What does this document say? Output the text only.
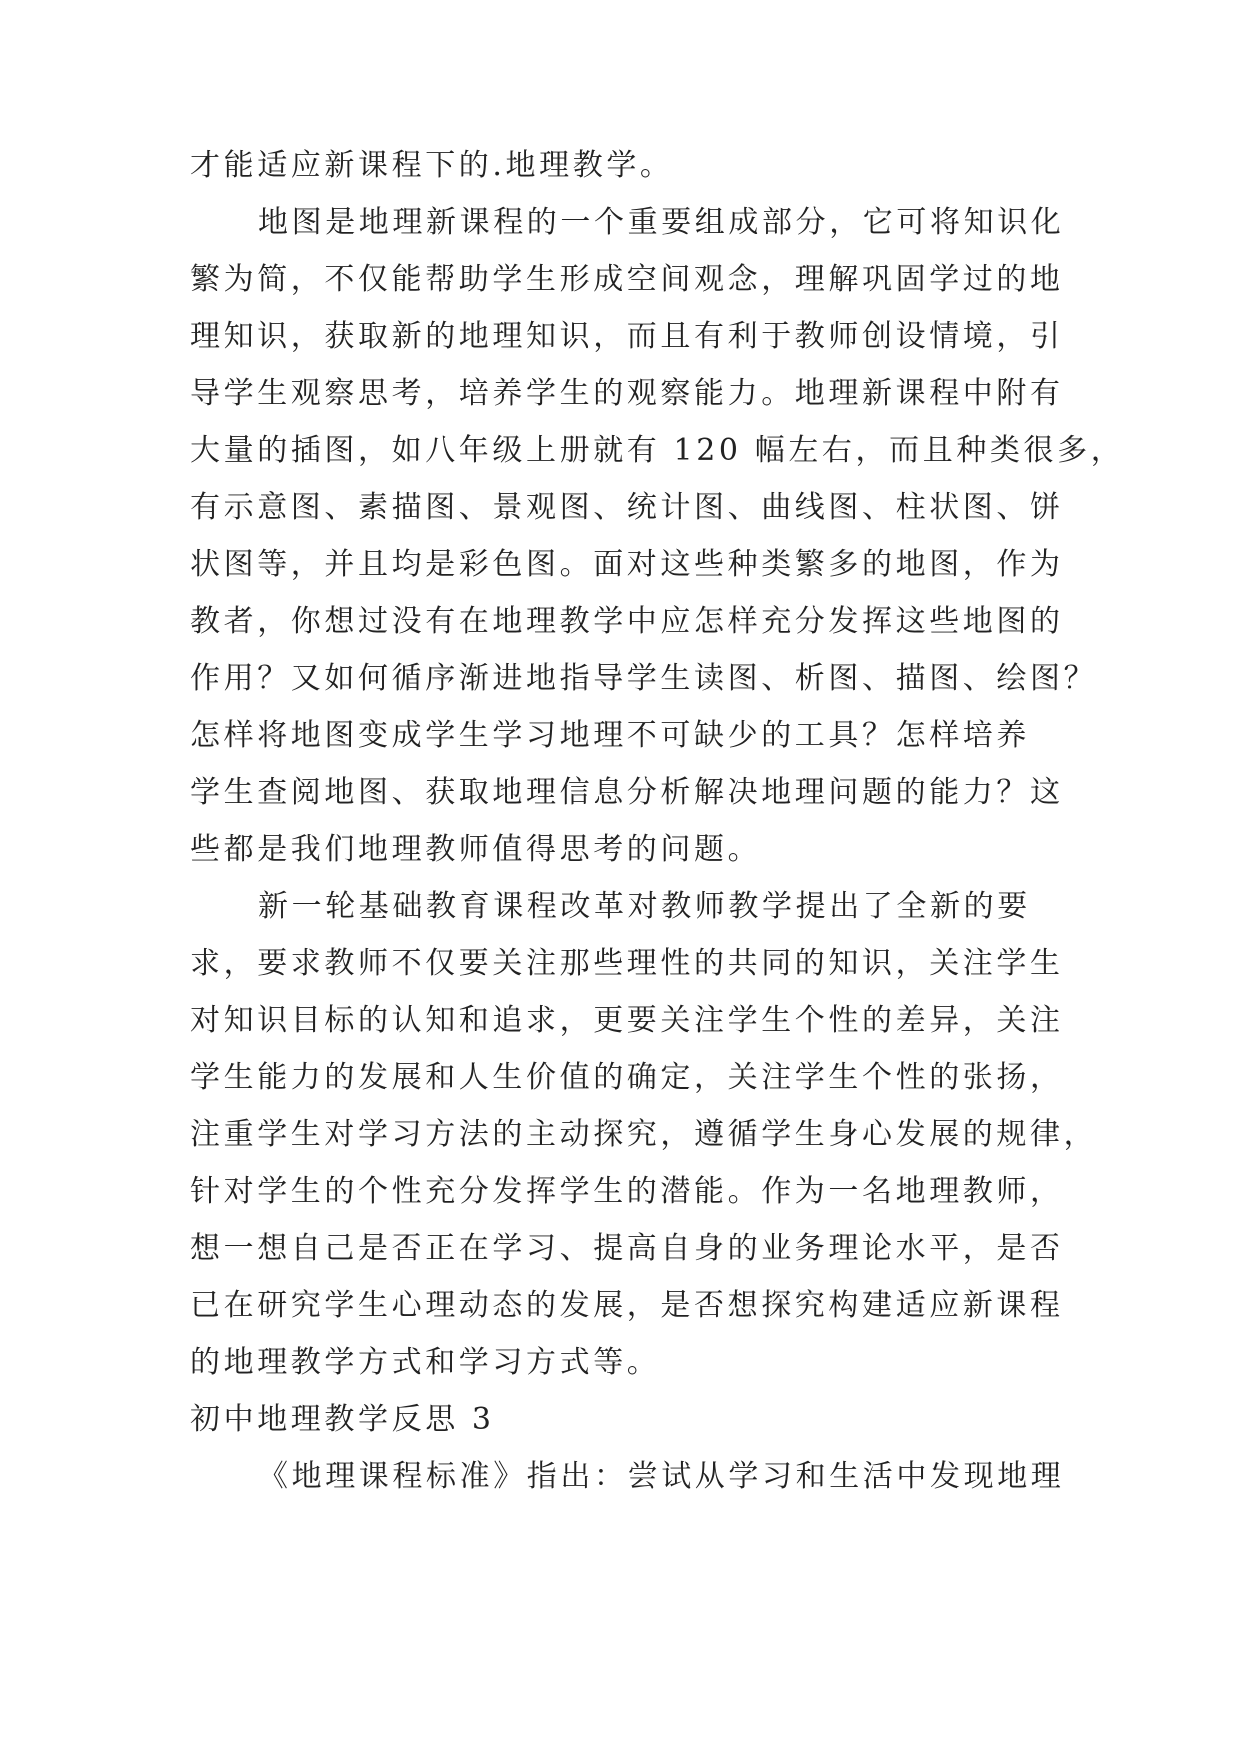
才能适应新课程下的.地理教学。
地图是地理新课程的一个重要组成部分，它可将知识化
繁为简，不仅能帮助学生形成空间观念，理解巩固学过的地
理知识，获取新的地理知识，而且有利于教师创设情境，引
导学生观察思考，培养学生的观察能力。地理新课程中附有
大量的插图，如八年级上册就有 120 幅左右，而且种类很多，
有示意图、素描图、景观图、统计图、曲线图、柱状图、饼
状图等，并且均是彩色图。面对这些种类繁多的地图，作为
教者，你想过没有在地理教学中应怎样充分发挥这些地图的
作用？又如何循序渐进地指导学生读图、析图、描图、绘图？
怎样将地图变成学生学习地理不可缺少的工具？怎样培养
学生查阅地图、获取地理信息分析解决地理问题的能力？这
些都是我们地理教师值得思考的问题。
新一轮基础教育课程改革对教师教学提出了全新的要
求，要求教师不仅要关注那些理性的共同的知识，关注学生
对知识目标的认知和追求，更要关注学生个性的差异，关注
学生能力的发展和人生价值的确定，关注学生个性的张扬，
注重学生对学习方法的主动探究，遵循学生身心发展的规律，
针对学生的个性充分发挥学生的潜能。作为一名地理教师，
想一想自己是否正在学习、提高自身的业务理论水平，是否
已在研究学生心理动态的发展，是否想探究构建适应新课程
的地理教学方式和学习方式等。
初中地理教学反思 3
《地理课程标准》指出：尝试从学习和生活中发现地理
